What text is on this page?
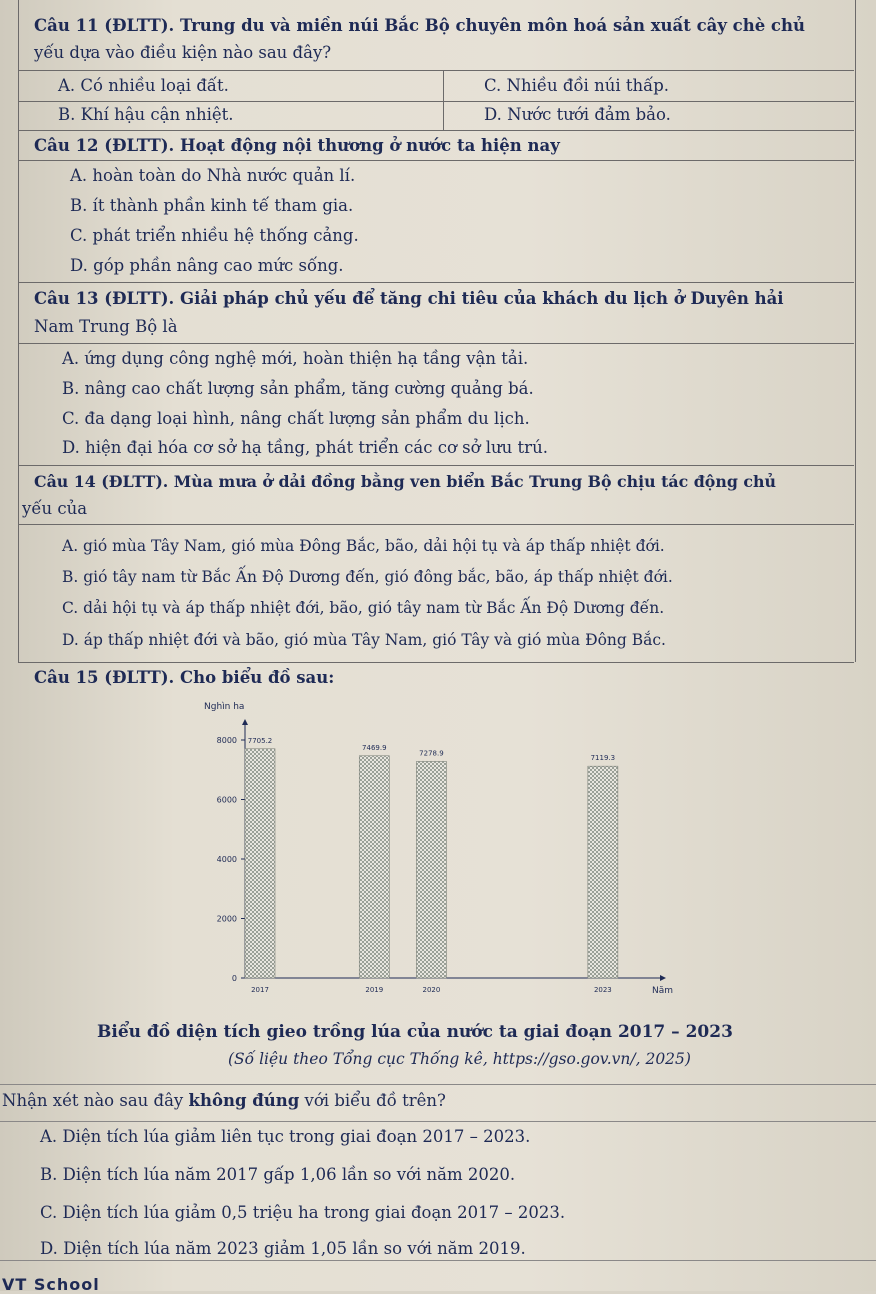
Câu 11 (ĐLTT). Trung du và miền núi Bắc Bộ chuyên môn hoá sản xuất cây chè chủ
yếu dựa vào điều kiện nào sau đây?
A. Có nhiều loại đất.
B. Khí hậu cận nhiệt.
C. Nhiều đồi núi thấp.
D. Nước tưới đảm bảo.
Câu 12 (ĐLTT). Hoạt động nội thương ở nước ta hiện nay
A. hoàn toàn do Nhà nước quản lí.
B. ít thành phần kinh tế tham gia.
C. phát triển nhiều hệ thống cảng.
D. góp phần nâng cao mức sống.
Câu 13 (ĐLTT). Giải pháp chủ yếu để tăng chi tiêu của khách du lịch ở Duyên hải
Nam Trung Bộ là
A. ứng dụng công nghệ mới, hoàn thiện hạ tầng vận tải.
B. nâng cao chất lượng sản phẩm, tăng cường quảng bá.
C. đa dạng loại hình, nâng chất lượng sản phẩm du lịch.
D. hiện đại hóa cơ sở hạ tầng, phát triển các cơ sở lưu trú.
Câu 14 (ĐLTT). Mùa mưa ở dải đồng bằng ven biển Bắc Trung Bộ chịu tác động chủ
yếu của
A. gió mùa Tây Nam, gió mùa Đông Bắc, bão, dải hội tụ và áp thấp nhiệt đới.
B. gió tây nam từ Bắc Ấn Độ Dương đến, gió đông bắc, bão, áp thấp nhiệt đới.
C. dải hội tụ và áp thấp nhiệt đới, bão, gió tây nam từ Bắc Ấn Độ Dương đến.
D. áp thấp nhiệt đới và bão, gió mùa Tây Nam, gió Tây và gió mùa Đông Bắc.
Câu 15 (ĐLTT). Cho biểu đồ sau:
Nghìn ha
Năm
0
2000
4000
6000
8000 7705.2
2017
7469.9
2019
7278.9
2020
7119.3
2023
Biểu đồ diện tích gieo trồng lúa của nước ta giai đoạn 2017 – 2023
(Số liệu theo Tổng cục Thống kê, https://gso.gov.vn/, 2025)
Nhận xét nào sau đây không đúng với biểu đồ trên?
A. Diện tích lúa giảm liên tục trong giai đoạn 2017 – 2023.
B. Diện tích lúa năm 2017 gấp 1,06 lần so với năm 2020.
C. Diện tích lúa giảm 0,5 triệu ha trong giai đoạn 2017 – 2023.
D. Diện tích lúa năm 2023 giảm 1,05 lần so với năm 2019.
VT School
